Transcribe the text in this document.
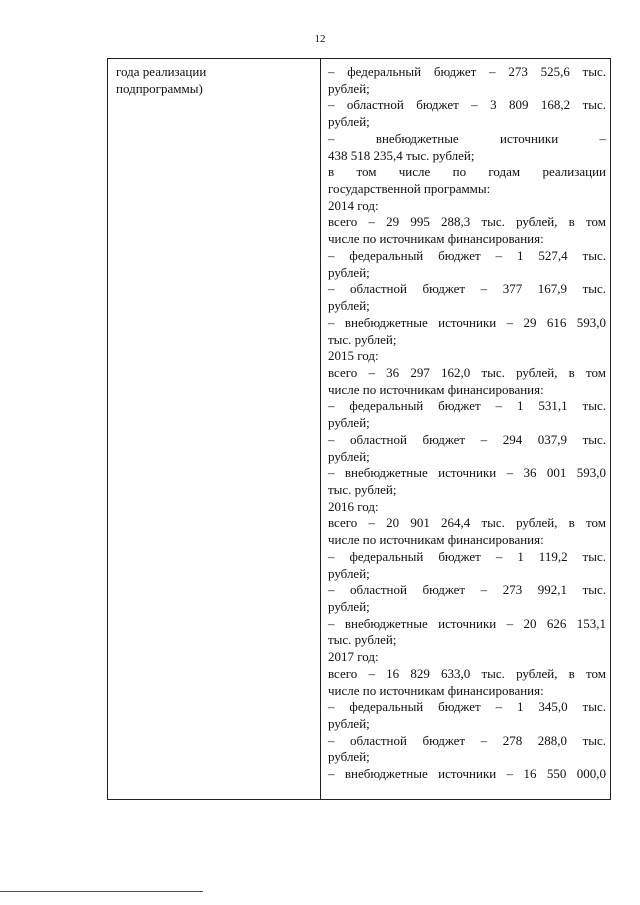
12
года реализации
подпрограммы)
– федеральный бюджет – 273 525,6 тыс.
рублей;
– областной бюджет – 3 809 168,2 тыс.
рублей;
– внебюджетные источники –
438 518 235,4 тыс. рублей;
в том числе по годам реализации
государственной программы:
2014 год:
всего – 29 995 288,3 тыс. рублей, в том
числе по источникам финансирования:
– федеральный бюджет – 1 527,4 тыс.
рублей;
– областной бюджет – 377 167,9 тыс.
рублей;
– внебюджетные источники – 29 616 593,0
тыс. рублей;
2015 год:
всего – 36 297 162,0 тыс. рублей, в том
числе по источникам финансирования:
– федеральный бюджет – 1 531,1 тыс.
рублей;
– областной бюджет – 294 037,9 тыс.
рублей;
– внебюджетные источники – 36 001 593,0
тыс. рублей;
2016 год:
всего – 20 901 264,4 тыс. рублей, в том
числе по источникам финансирования:
– федеральный бюджет – 1 119,2 тыс.
рублей;
– областной бюджет – 273 992,1 тыс.
рублей;
– внебюджетные источники – 20 626 153,1
тыс. рублей;
2017 год:
всего – 16 829 633,0 тыс. рублей, в том
числе по источникам финансирования:
– федеральный бюджет – 1 345,0 тыс.
рублей;
– областной бюджет – 278 288,0 тыс.
рублей;
– внебюджетные источники – 16 550 000,0
